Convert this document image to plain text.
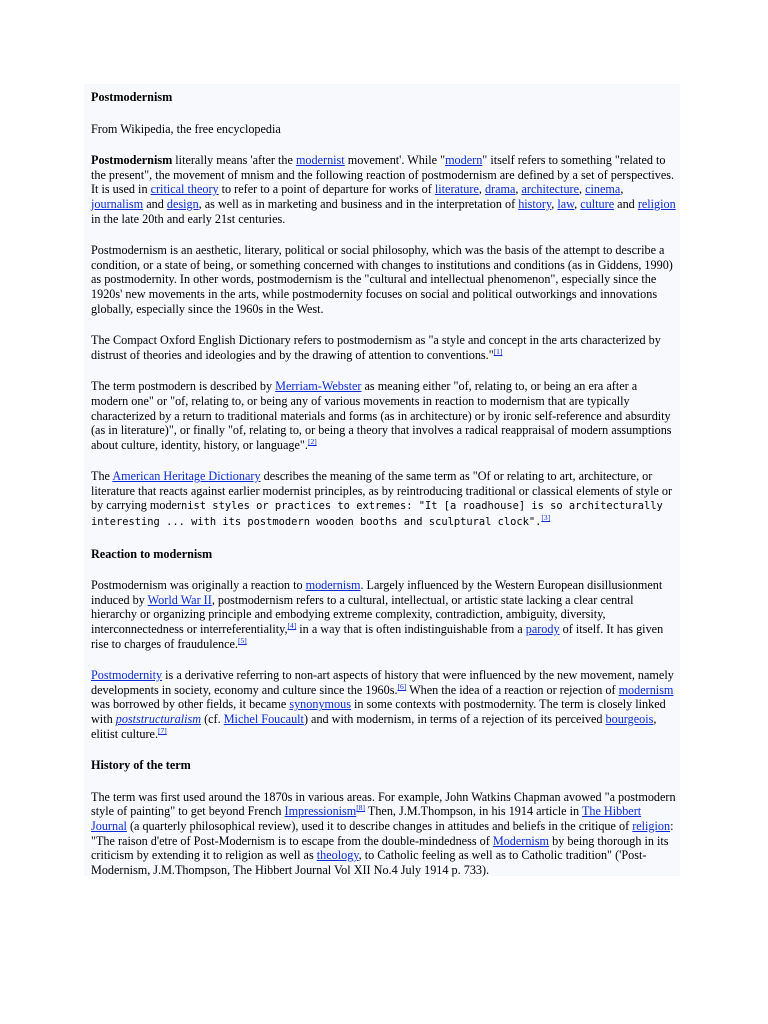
Postmodernism

From Wikipedia, the free encyclopedia

Postmodernism literally means 'after the modernist movement'. While "modern" itself refers to something "related to the present", the movement of mnism and the following reaction of postmodernism are defined by a set of perspectives. It is used in critical theory to refer to a point of departure for works of literature, drama, architecture, cinema, journalism and design, as well as in marketing and business and in the interpretation of history, law, culture and religion in the late 20th and early 21st centuries.

Postmodernism is an aesthetic, literary, political or social philosophy, which was the basis of the attempt to describe a condition, or a state of being, or something concerned with changes to institutions and conditions (as in Giddens, 1990) as postmodernity. In other words, postmodernism is the "cultural and intellectual phenomenon", especially since the 1920s' new movements in the arts, while postmodernity focuses on social and political outworkings and innovations globally, especially since the 1960s in the West.

The Compact Oxford English Dictionary refers to postmodernism as "a style and concept in the arts characterized by distrust of theories and ideologies and by the drawing of attention to conventions."[1]

The term postmodern is described by Merriam-Webster as meaning either "of, relating to, or being an era after a modern one" or "of, relating to, or being any of various movements in reaction to modernism that are typically characterized by a return to traditional materials and forms (as in architecture) or by ironic self-reference and absurdity (as in literature)", or finally "of, relating to, or being a theory that involves a radical reappraisal of modern assumptions about culture, identity, history, or language".[2]

The American Heritage Dictionary describes the meaning of the same term as "Of or relating to art, architecture, or literature that reacts against earlier modernist principles, as by reintroducing traditional or classical elements of style or by carrying modernist styles or practices to extremes: "It [a roadhouse] is so architecturally interesting ... with its postmodern wooden booths and sculptural clock".[3]

Reaction to modernism

Postmodernism was originally a reaction to modernism. Largely influenced by the Western European disillusionment induced by World War II, postmodernism refers to a cultural, intellectual, or artistic state lacking a clear central hierarchy or organizing principle and embodying extreme complexity, contradiction, ambiguity, diversity, interconnectedness or interreferentiality,[4] in a way that is often indistinguishable from a parody of itself. It has given rise to charges of fraudulence.[5]

Postmodernity is a derivative referring to non-art aspects of history that were influenced by the new movement, namely developments in society, economy and culture since the 1960s.[6] When the idea of a reaction or rejection of modernism was borrowed by other fields, it became synonymous in some contexts with postmodernity. The term is closely linked with poststructuralism (cf. Michel Foucault) and with modernism, in terms of a rejection of its perceived bourgeois, elitist culture.[7]

History of the term

The term was first used around the 1870s in various areas. For example, John Watkins Chapman avowed "a postmodern style of painting" to get beyond French Impressionism[8] Then, J.M.Thompson, in his 1914 article in The Hibbert Journal (a quarterly philosophical review), used it to describe changes in attitudes and beliefs in the critique of religion: "The raison d'etre of Post-Modernism is to escape from the double-mindedness of Modernism by being thorough in its criticism by extending it to religion as well as theology, to Catholic feeling as well as to Catholic tradition" ('Post-Modernism, J.M.Thompson, The Hibbert Journal Vol XII No.4 July 1914 p. 733).
